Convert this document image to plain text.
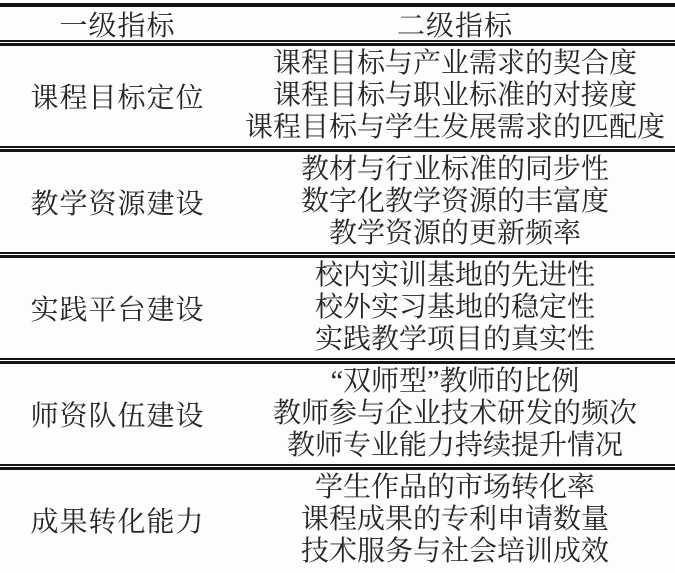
一级指标	二级指标
课程目标定位
课程目标与产业需求的契合度
课程目标与职业标准的对接度
课程目标与学生发展需求的匹配度
教学资源建设
教材与行业标准的同步性
数字化教学资源的丰富度
教学资源的更新频率
实践平台建设
校内实训基地的先进性
校外实习基地的稳定性
实践教学项目的真实性
师资队伍建设
“双师型”教师的比例
教师参与企业技术研发的频次
教师专业能力持续提升情况
成果转化能力
学生作品的市场转化率
课程成果的专利申请数量
技术服务与社会培训成效
